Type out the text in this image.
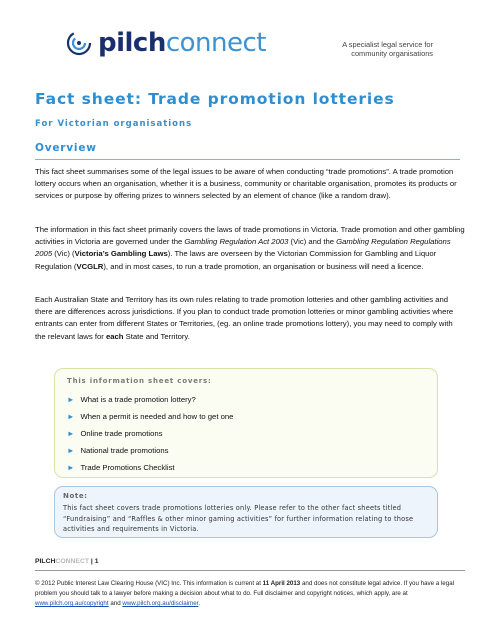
pilchconnect	A specialist legal service for
community organisations
Fact sheet: Trade promotion lotteries
For Victorian organisations
Overview

This fact sheet summarises some of the legal issues to be aware of when conducting “trade promotions”. A trade promotion lottery occurs when an organisation, whether it is a business, community or charitable organisation, promotes its products or services or purpose by offering prizes to winners selected by an element of chance (like a random draw).

The information in this fact sheet primarily covers the laws of trade promotions in Victoria. Trade promotion and other gambling activities in Victoria are governed under the Gambling Regulation Act 2003 (Vic) and the Gambling Regulation Regulations 2005 (Vic) (Victoria’s Gambling Laws). The laws are overseen by the Victorian Commission for Gambling and Liquor Regulation (VCGLR), and in most cases, to run a trade promotion, an organisation or business will need a licence.

Each Australian State and Territory has its own rules relating to trade promotion lotteries and other gambling activities and there are differences across jurisdictions. If you plan to conduct trade promotion lotteries or minor gambling activities where entrants can enter from different States or Territories, (eg. an online trade promotions lottery), you may need to comply with the relevant laws for each State and Territory.

This information sheet covers:
► What is a trade promotion lottery?
► When a permit is needed and how to get one
► Online trade promotions
► National trade promotions
► Trade Promotions Checklist
Note:
This fact sheet covers trade promotions lotteries only. Please refer to the other fact sheets titled “Fundraising” and “Raffles & other minor gaming activities” for further information relating to those activities and requirements in Victoria.
PILCHCONNECT | 1

© 2012 Public Interest Law Clearing House (VIC) Inc. This information is current at 11 April 2013 and does not constitute legal advice. If you have a legal problem you should talk to a lawyer before making a decision about what to do. Full disclaimer and copyright notices, which apply, are at www.pilch.org.au/copyright and www.pilch.org.au/disclaimer.
